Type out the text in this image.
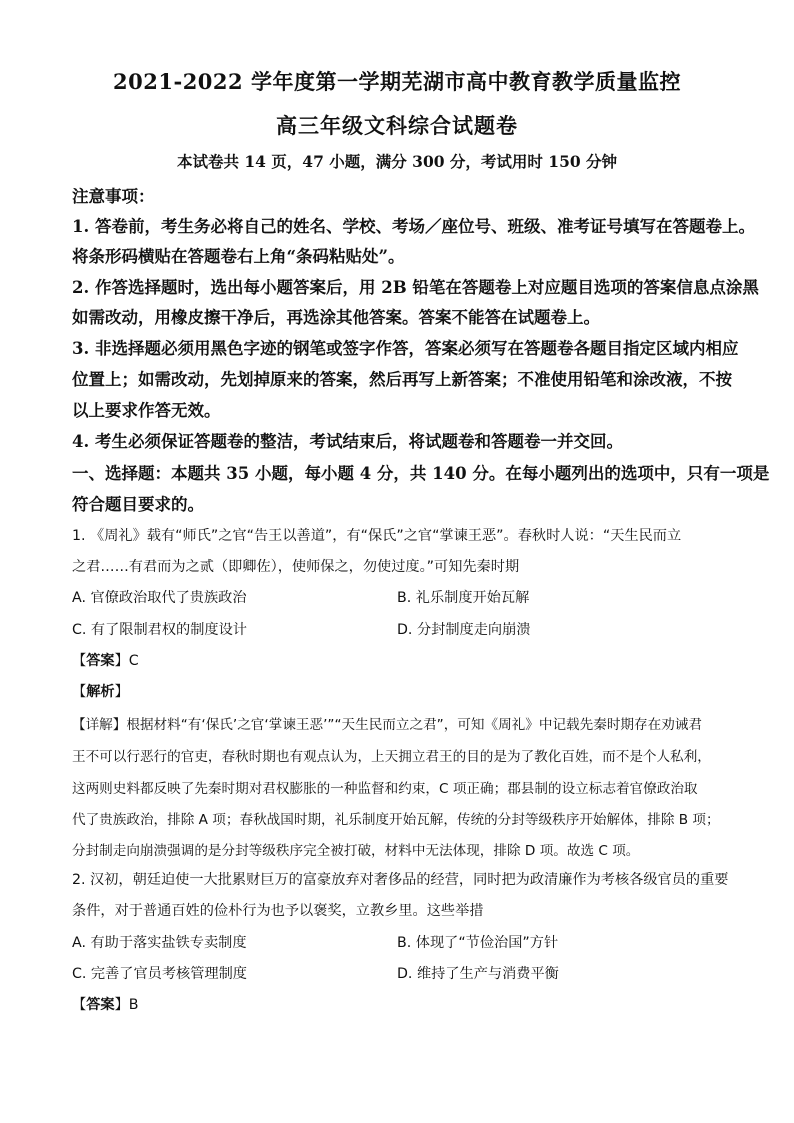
2021-2022 学年度第一学期芜湖市高中教育教学质量监控
高三年级文科综合试题卷
本试卷共 14 页，47 小题，满分 300 分，考试用时 150 分钟
注意事项：
1. 答卷前，考生务必将自己的姓名、学校、考场／座位号、班级、准考证号填写在答题卷上。
将条形码横贴在答题卷右上角“条码粘贴处”。
2. 作答选择题时，选出每小题答案后，用 2B 铅笔在答题卷上对应题目选项的答案信息点涂黑
如需改动，用橡皮擦干净后，再选涂其他答案。答案不能答在试题卷上。
3. 非选择题必须用黑色字迹的钢笔或签字作答，答案必须写在答题卷各题目指定区域内相应
位置上；如需改动，先划掉原来的答案，然后再写上新答案；不准使用铅笔和涂改液，不按
以上要求作答无效。
4. 考生必须保证答题卷的整洁，考试结束后，将试题卷和答题卷一并交回。
一、选择题：本题共 35 小题，每小题 4 分，共 140 分。在每小题列出的选项中，只有一项是
符合题目要求的。
1. 《周礼》载有“师氏”之官“告王以善道”，有“保氏”之官“掌谏王恶”。春秋时人说：“天生民而立
之君……有君而为之贰（即卿佐），使师保之，勿使过度。”可知先秦时期
A. 官僚政治取代了贵族政治	B. 礼乐制度开始瓦解
C. 有了限制君权的制度设计	D. 分封制度走向崩溃
【答案】C
【解析】
【详解】根据材料“有‘保氏’之官‘掌谏王恶’”“天生民而立之君”，可知《周礼》中记载先秦时期存在劝诫君
王不可以行恶行的官吏，春秋时期也有观点认为，上天拥立君王的目的是为了教化百姓，而不是个人私利，
这两则史料都反映了先秦时期对君权膨胀的一种监督和约束，C 项正确；郡县制的设立标志着官僚政治取
代了贵族政治，排除 A 项；春秋战国时期，礼乐制度开始瓦解，传统的分封等级秩序开始解体，排除 B 项；
分封制走向崩溃强调的是分封等级秩序完全被打破，材料中无法体现，排除 D 项。故选 C 项。
2. 汉初，朝廷迫使一大批累财巨万的富豪放弃对奢侈品的经营，同时把为政清廉作为考核各级官员的重要
条件，对于普通百姓的俭朴行为也予以褒奖，立教乡里。这些举措
A. 有助于落实盐铁专卖制度	B. 体现了“节俭治国”方针
C. 完善了官员考核管理制度	D. 维持了生产与消费平衡
【答案】B
